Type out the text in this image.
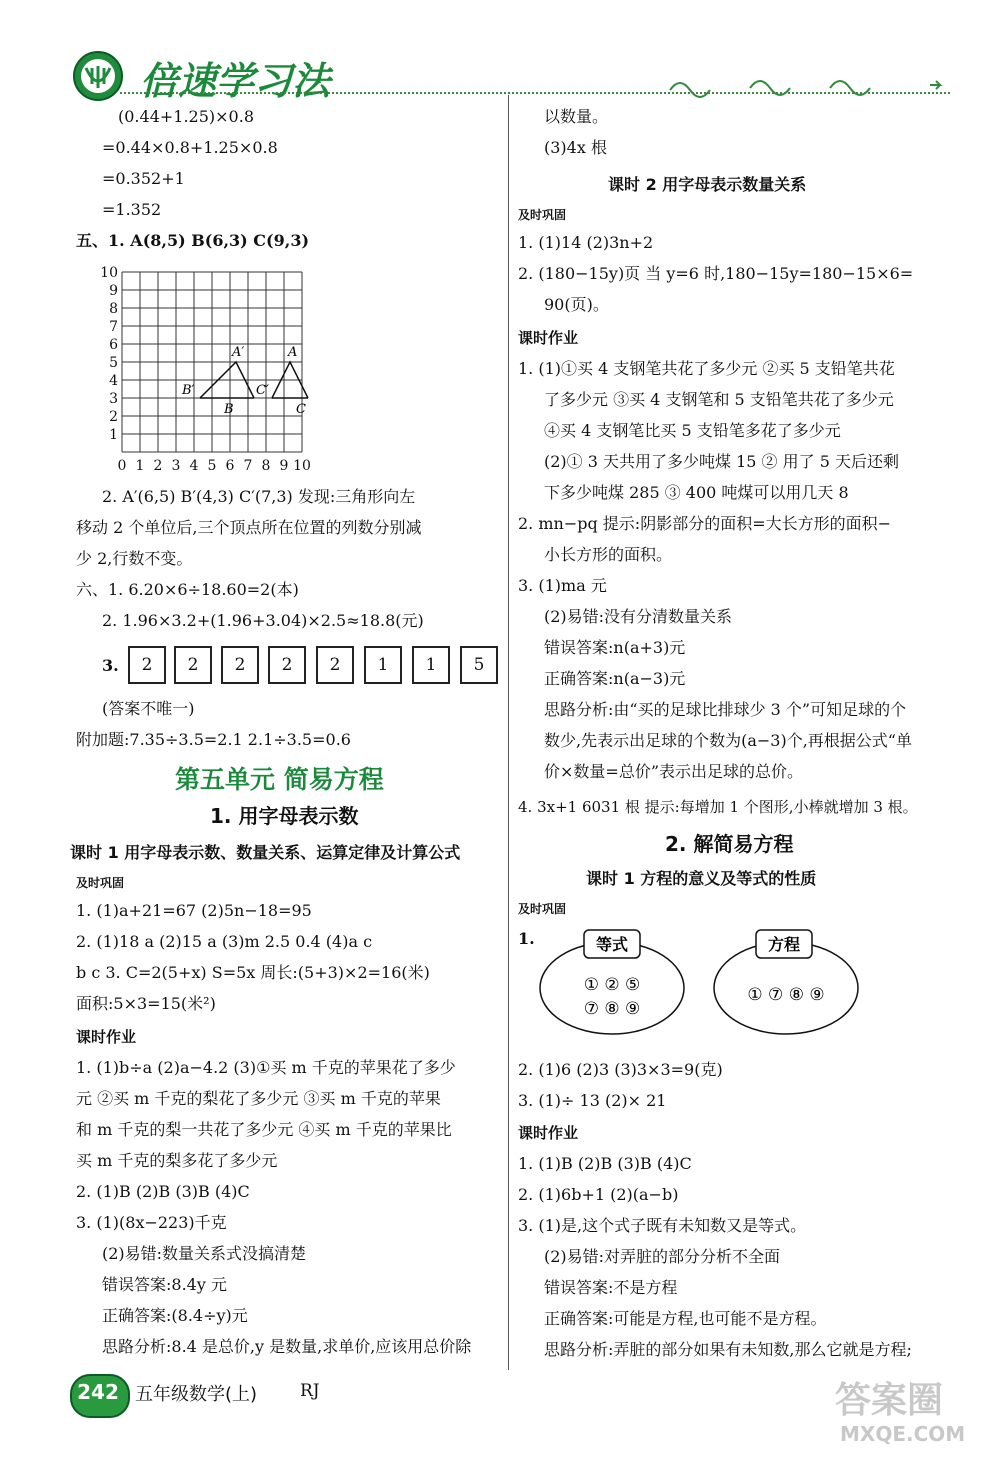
倍速学习法
(0.44+1.25)×0.8
=0.44×0.8+1.25×0.8
=0.352+1
=1.352
五、1. A(8,5) B(6,3) C(9,3)
0 1 2 3 4 5 6 7 8 9 10
1
2
3
4
5
6
7
8
9
10
A′	A
B′	C′
B	C
2. A′(6,5) B′(4,3) C′(7,3) 发现:三角形向左
移动 2 个单位后,三个顶点所在位置的列数分别减
少 2,行数不变。
六、1. 6.20×6÷18.60=2(本)
2. 1.96×3.2+(1.96+3.04)×2.5≈18.8(元)
3.	2	2	2	2	2	1	1	5
(答案不唯一)
附加题:7.35÷3.5=2.1 2.1÷3.5=0.6
第五单元 简易方程
1. 用字母表示数
课时 1 用字母表示数、数量关系、运算定律及计算公式
及时巩固
1. (1)a+21=67 (2)5n−18=95
2. (1)18 a (2)15 a (3)m 2.5 0.4 (4)a c
b c 3. C=2(5+x) S=5x 周长:(5+3)×2=16(米)
面积:5×3=15(米²)
课时作业
1. (1)b÷a (2)a−4.2 (3)①买 m 千克的苹果花了多少
元 ②买 m 千克的梨花了多少元 ③买 m 千克的苹果
和 m 千克的梨一共花了多少元 ④买 m 千克的苹果比
买 m 千克的梨多花了多少元
2. (1)B (2)B (3)B (4)C
3. (1)(8x−223)千克
(2)易错:数量关系式没搞清楚
错误答案:8.4y 元
正确答案:(8.4÷y)元
思路分析:8.4 是总价,y 是数量,求单价,应该用总价除
以数量。
(3)4x 根
课时 2 用字母表示数量关系
及时巩固
1. (1)14 (2)3n+2
2. (180−15y)页 当 y=6 时,180−15y=180−15×6=
90(页)。
课时作业
1. (1)①买 4 支钢笔共花了多少元 ②买 5 支铅笔共花
了多少元 ③买 4 支钢笔和 5 支铅笔共花了多少元
④买 4 支钢笔比买 5 支铅笔多花了多少元
(2)① 3 天共用了多少吨煤 15 ② 用了 5 天后还剩
下多少吨煤 285 ③ 400 吨煤可以用几天 8
2. mn−pq 提示:阴影部分的面积=大长方形的面积−
小长方形的面积。
3. (1)ma 元
(2)易错:没有分清数量关系
错误答案:n(a+3)元
正确答案:n(a−3)元
思路分析:由“买的足球比排球少 3 个”可知足球的个
数少,先表示出足球的个数为(a−3)个,再根据公式“单
价×数量=总价”表示出足球的总价。
4. 3x+1 6031 根 提示:每增加 1 个图形,小棒就增加 3 根。
2. 解简易方程
课时 1 方程的意义及等式的性质
及时巩固
1.	等式	方程
① ② ⑤
⑦ ⑧ ⑨
① ⑦ ⑧ ⑨
2. (1)6 (2)3 (3)3×3=9(克)
3. (1)÷ 13 (2)× 21
课时作业
1. (1)B (2)B (3)B (4)C
2. (1)6b+1 (2)(a−b)
3. (1)是,这个式子既有未知数又是等式。
(2)易错:对弄脏的部分分析不全面
错误答案:不是方程
正确答案:可能是方程,也可能不是方程。
思路分析:弄脏的部分如果有未知数,那么它就是方程;
242 五年级数学(上)	RJ	答案圈
MXQE.COM
